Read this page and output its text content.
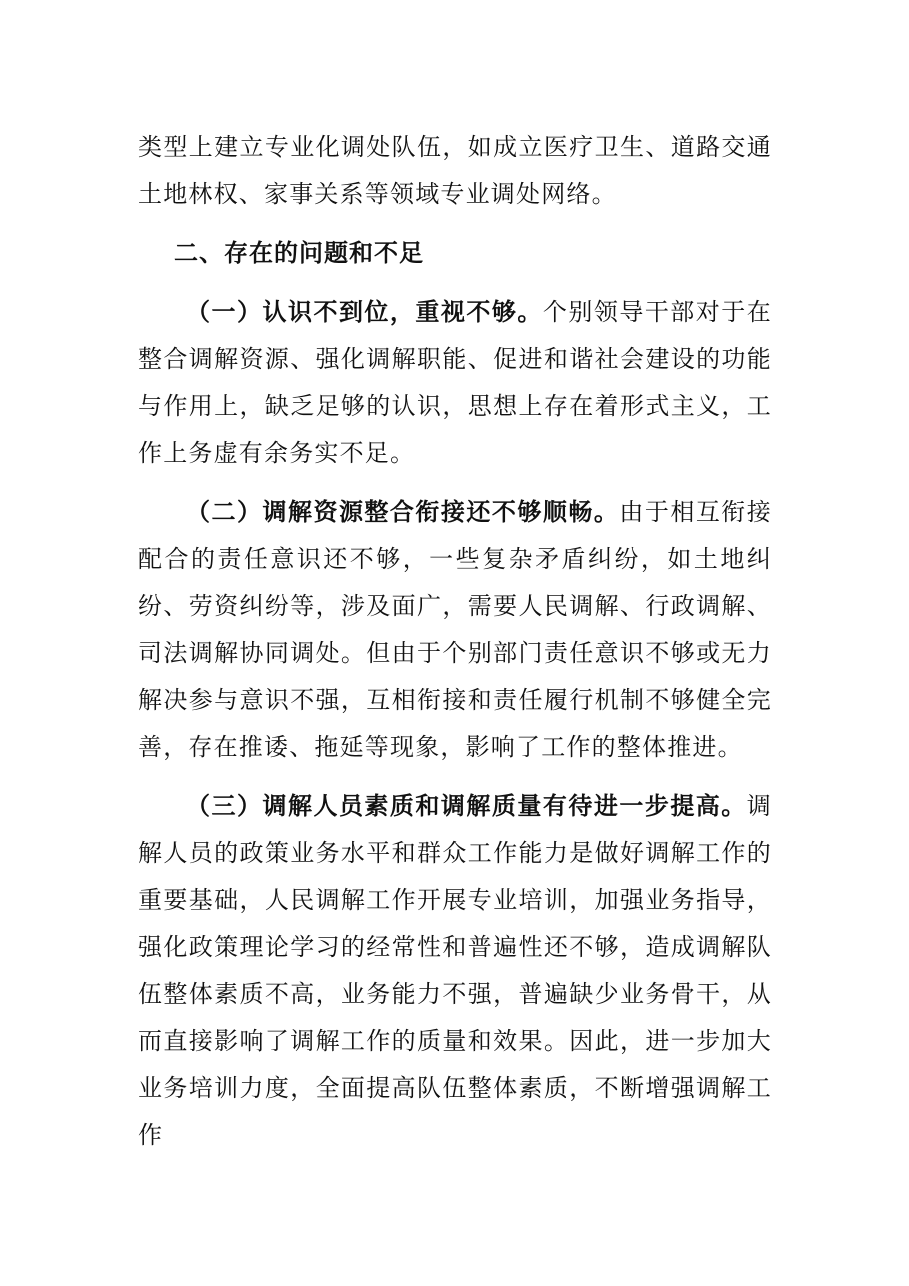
类型上建立专业化调处队伍，如成立医疗卫生、道路交通土地林权、家事关系等领域专业调处网络。

二、存在的问题和不足

（一）认识不到位，重视不够。个别领导干部对于在整合调解资源、强化调解职能、促进和谐社会建设的功能与作用上，缺乏足够的认识，思想上存在着形式主义，工作上务虚有余务实不足。

（二）调解资源整合衔接还不够顺畅。由于相互衔接配合的责任意识还不够，一些复杂矛盾纠纷，如土地纠纷、劳资纠纷等，涉及面广，需要人民调解、行政调解、司法调解协同调处。但由于个别部门责任意识不够或无力解决参与意识不强，互相衔接和责任履行机制不够健全完善，存在推诿、拖延等现象，影响了工作的整体推进。

（三）调解人员素质和调解质量有待进一步提高。调解人员的政策业务水平和群众工作能力是做好调解工作的重要基础，人民调解工作开展专业培训，加强业务指导，强化政策理论学习的经常性和普遍性还不够，造成调解队伍整体素质不高，业务能力不强，普遍缺少业务骨干，从而直接影响了调解工作的质量和效果。因此，进一步加大业务培训力度，全面提高队伍整体素质，不断增强调解工作
